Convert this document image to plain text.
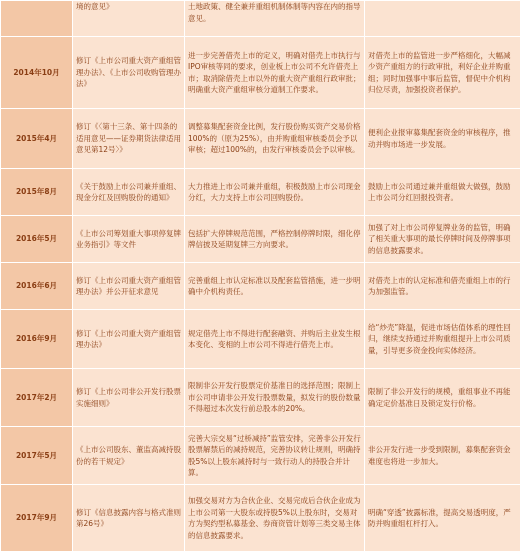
	境的意见》	土地政策、健全兼并重组机制体制等内容在内的指导意见。	
2014年10月	修订《上市公司重大资产重组管理办法》、《上市公司收购管理办法》	进一步完善借壳上市的定义，明确对借壳上市执行与IPO审核等同的要求，创业板上市公司不允许借壳上市；取消除借壳上市以外的重大资产重组行政审批；明确重大资产重组审核分道制工作要求。	对借壳上市的监管进一步严格细化，大幅减少资产重组方的行政审批，利好企业并购重组；同时加强事中事后监管，督促中介机构归位尽责，加强投资者保护。
2015年4月	修订《〈第十三条、第十四条的适用意见——证券期货法律适用意见第12号〉》	调整募集配套资金比例，发行股份购买资产交易价格100%的（原为25%），由并购重组审核委员会予以审核；超过100%的，由发行审核委员会予以审核。	便利企业报审募集配套资金的审核程序，推动并购市场进一步发展。
2015年8月	《关于鼓励上市公司兼并重组、现金分红及回购股份的通知》	大力推进上市公司兼并重组，积极鼓励上市公司现金分红，大力支持上市公司回购股份。	鼓励上市公司通过兼并重组做大做强，鼓励上市公司分红回报投资者。
2016年5月	《上市公司筹划重大事项停复牌业务指引》等文件	包括扩大停牌规范范围，严格控制停牌时限，细化停牌信披及延期复牌三方向要求。	加强了对上市公司停复牌业务的监管，明确了相关重大事项的最长停牌时间及停牌事项的信息披露要求。
2016年6月	修订《上市公司重大资产重组管理办法》并公开征求意见	完善重组上市认定标准以及配套监管措施，进一步明确中介机构责任。	对借壳上市的认定标准和借壳重组上市的行为加强监管。
2016年9月	修订《上市公司重大资产重组管理办法》	规定借壳上市不得进行配套融资、并购后主业发生根本变化、变相的上市公司不得进行借壳上市。	给“炒壳”降温，促进市场估值体系的理性回归，继续支持通过并购重组提升上市公司质量，引导更多资金投向实体经济。
2017年2月	修订《上市公司非公开发行股票实施细则》	限制非公开发行股票定价基准日的选择范围；限制上市公司申请非公开发行股票数量，拟发行的股份数量不得超过本次发行前总股本的20%。	限制了非公开发行的规模，重组事业不再能确定定价基准日及锁定发行价格。
2017年5月	《上市公司股东、董监高减持股份的若干规定》	完善大宗交易“过桥减持”监管安排，完善非公开发行股票解禁后的减持规范，完善协议转让规则，明确持股5%以上股东减持时与一致行动人的持股合并计算。	非公开发行进一步受到限制，募集配套资金难度也将进一步加大。
2017年9月	修订《信息披露内容与格式准则第26号》	加强交易对方为合伙企业、交易完成后合伙企业成为上市公司第一大股东或持股5%以上股东时，交易对方为契约型私募基金、券商资管计划等三类交易主体的信息披露要求。	明确“穿透”披露标准，提高交易透明度，严防并购重组杠杆打入。
